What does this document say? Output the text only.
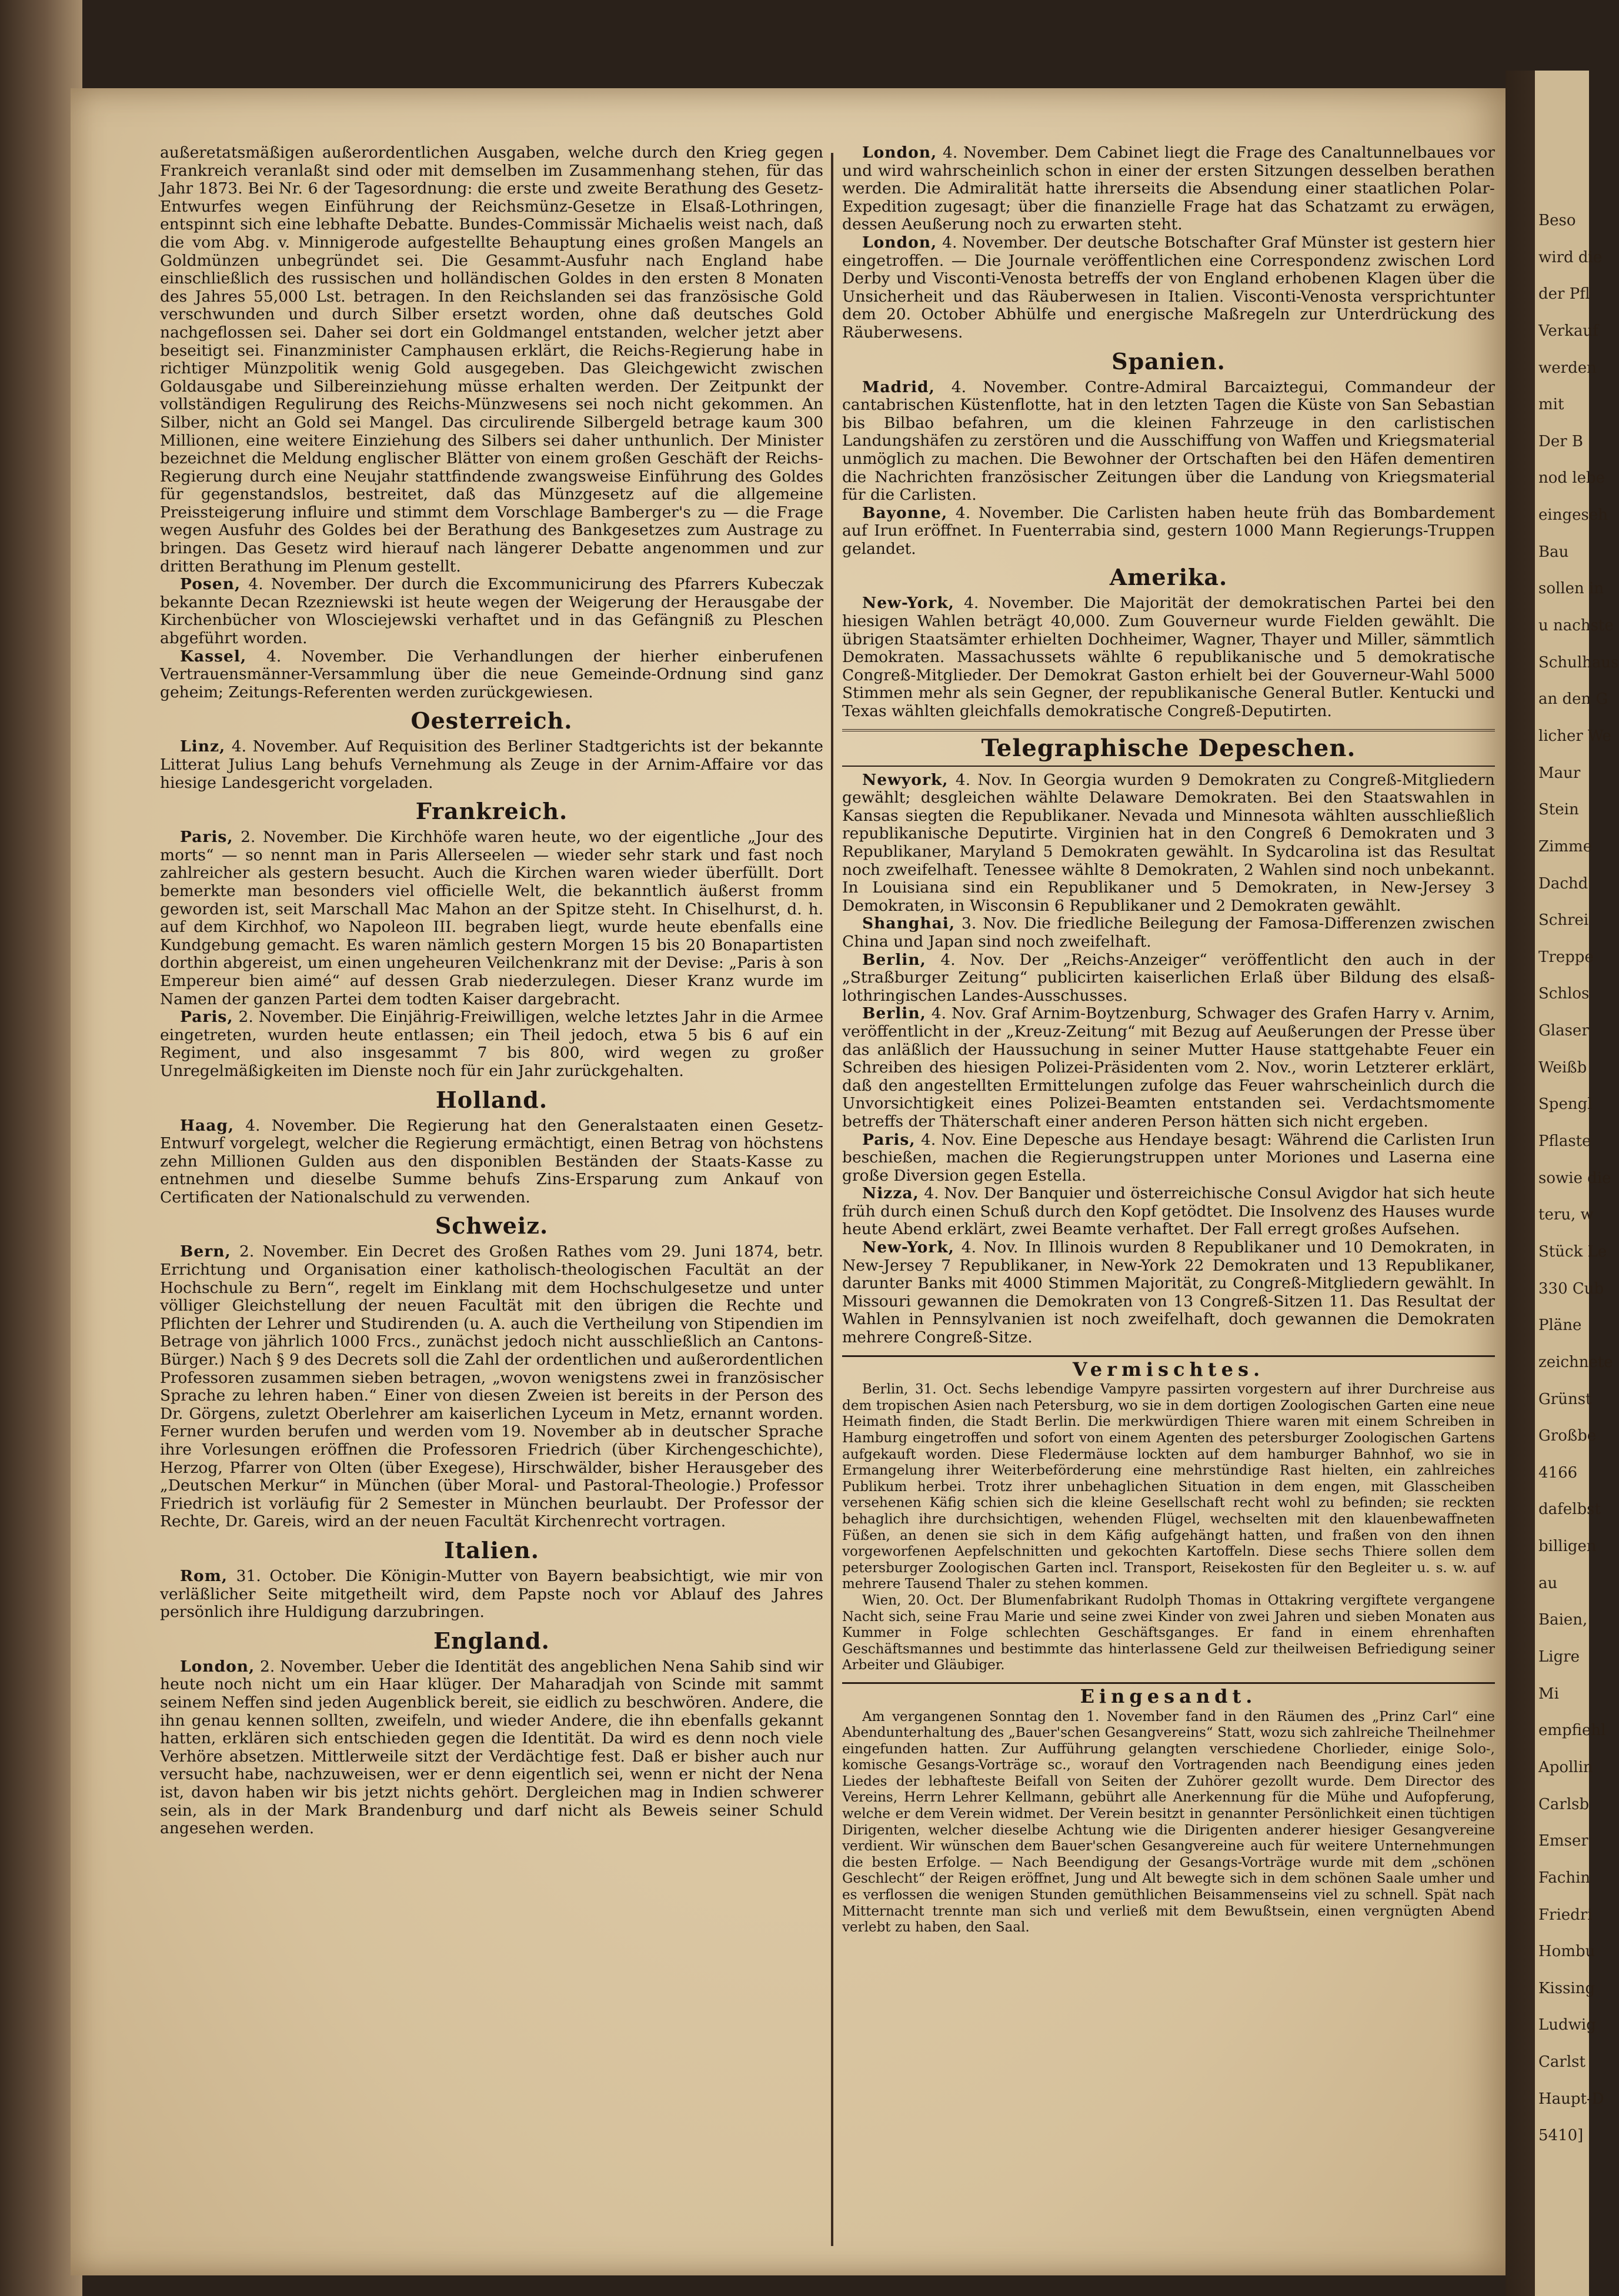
Beso
wird die
der Pfl
Verkauf
werden
mit
Der B
nod lebe
eingeseh
Bau
sollen in
u nachste
Schulhaus
an den G
licher We
Maur
Stein
Zimme
Dachd
Schrei
Treppe
Schlos
Glaser
Weißb
Spengl
Pflaste
sowie die
teru, w
Stück Le
330 Cub
Pläne
zeichnete
Grünst
Großbe
4166
dafelbst
billigen
au
Baien,
Ligre
Mi
empfiehl
Apollin
Carlsb
Emser
Fachin
Friedri
Hombu
Kissing
Ludwig
Carlst
Haupt-D
5410]

außeretatsmäßigen außerordentlichen Ausgaben, welche durch den Krieg gegen Frankreich veranlaßt sind oder mit demselben im Zusammenhang stehen, für das Jahr 1873. Bei Nr. 6 der Tagesordnung: die erste und zweite Berathung des Gesetz-Entwurfes wegen Einführung der Reichsmünz-Gesetze in Elsaß-Lothringen, entspinnt sich eine lebhafte Debatte. Bundes-Commissär Michaelis weist nach, daß die vom Abg. v. Minnigerode aufgestellte Behauptung eines großen Mangels an Goldmünzen unbegründet sei. Die Gesammt-Ausfuhr nach England habe einschließlich des russischen und holländischen Goldes in den ersten 8 Monaten des Jahres 55,000 Lst. betragen. In den Reichslanden sei das französische Gold verschwunden und durch Silber ersetzt worden, ohne daß deutsches Gold nachgeflossen sei. Daher sei dort ein Goldmangel entstanden, welcher jetzt aber beseitigt sei. Finanzminister Camphausen erklärt, die Reichs-Regierung habe in richtiger Münzpolitik wenig Gold ausgegeben. Das Gleichgewicht zwischen Goldausgabe und Silbereinziehung müsse erhalten werden. Der Zeitpunkt der vollständigen Regulirung des Reichs-Münzwesens sei noch nicht gekommen. An Silber, nicht an Gold sei Mangel. Das circulirende Silbergeld betrage kaum 300 Millionen, eine weitere Einziehung des Silbers sei daher unthunlich. Der Minister bezeichnet die Meldung englischer Blätter von einem großen Geschäft der Reichs-Regierung durch eine Neujahr stattfindende zwangsweise Einführung des Goldes für gegenstandslos, bestreitet, daß das Münzgesetz auf die allgemeine Preissteigerung influire und stimmt dem Vorschlage Bamberger's zu — die Frage wegen Ausfuhr des Goldes bei der Berathung des Bankgesetzes zum Austrage zu bringen. Das Gesetz wird hierauf nach längerer Debatte angenommen und zur dritten Berathung im Plenum gestellt.

Posen, 4. November. Der durch die Excommunicirung des Pfarrers Kubeczak bekannte Decan Rzezniewski ist heute wegen der Weigerung der Herausgabe der Kirchenbücher von Wlosciejewski verhaftet und in das Gefängniß zu Pleschen abgeführt worden.

Kassel, 4. November. Die Verhandlungen der hierher einberufenen Vertrauensmänner-Versammlung über die neue Gemeinde-Ordnung sind ganz geheim; Zeitungs-Referenten werden zurückgewiesen.

Oesterreich.

Linz, 4. November. Auf Requisition des Berliner Stadtgerichts ist der bekannte Litterat Julius Lang behufs Vernehmung als Zeuge in der Arnim-Affaire vor das hiesige Landesgericht vorgeladen.

Frankreich.

Paris, 2. November. Die Kirchhöfe waren heute, wo der eigentliche „Jour des morts“ — so nennt man in Paris Allerseelen — wieder sehr stark und fast noch zahlreicher als gestern besucht. Auch die Kirchen waren wieder überfüllt. Dort bemerkte man besonders viel officielle Welt, die bekanntlich äußerst fromm geworden ist, seit Marschall Mac Mahon an der Spitze steht. In Chiselhurst, d. h. auf dem Kirchhof, wo Napoleon III. begraben liegt, wurde heute ebenfalls eine Kundgebung gemacht. Es waren nämlich gestern Morgen 15 bis 20 Bonapartisten dorthin abgereist, um einen ungeheuren Veilchenkranz mit der Devise: „Paris à son Empereur bien aimé“ auf dessen Grab niederzulegen. Dieser Kranz wurde im Namen der ganzen Partei dem todten Kaiser dargebracht.

Paris, 2. November. Die Einjährig-Freiwilligen, welche letztes Jahr in die Armee eingetreten, wurden heute entlassen; ein Theil jedoch, etwa 5 bis 6 auf ein Regiment, und also insgesammt 7 bis 800, wird wegen zu großer Unregelmäßigkeiten im Dienste noch für ein Jahr zurückgehalten.

Holland.

Haag, 4. November. Die Regierung hat den Generalstaaten einen Gesetz-Entwurf vorgelegt, welcher die Regierung ermächtigt, einen Betrag von höchstens zehn Millionen Gulden aus den disponiblen Beständen der Staats-Kasse zu entnehmen und dieselbe Summe behufs Zins-Ersparung zum Ankauf von Certificaten der Nationalschuld zu verwenden.

Schweiz.

Bern, 2. November. Ein Decret des Großen Rathes vom 29. Juni 1874, betr. Errichtung und Organisation einer katholisch-theologischen Facultät an der Hochschule zu Bern“, regelt im Einklang mit dem Hochschulgesetze und unter völliger Gleichstellung der neuen Facultät mit den übrigen die Rechte und Pflichten der Lehrer und Studirenden (u. A. auch die Vertheilung von Stipendien im Betrage von jährlich 1000 Frcs., zunächst jedoch nicht ausschließlich an Cantons-Bürger.) Nach § 9 des Decrets soll die Zahl der ordentlichen und außerordentlichen Professoren zusammen sieben betragen, „wovon wenigstens zwei in französischer Sprache zu lehren haben.“ Einer von diesen Zweien ist bereits in der Person des Dr. Görgens, zuletzt Oberlehrer am kaiserlichen Lyceum in Metz, ernannt worden. Ferner wurden berufen und werden vom 19. November ab in deutscher Sprache ihre Vorlesungen eröffnen die Professoren Friedrich (über Kirchengeschichte), Herzog, Pfarrer von Olten (über Exegese), Hirschwälder, bisher Herausgeber des „Deutschen Merkur“ in München (über Moral- und Pastoral-Theologie.) Professor Friedrich ist vorläufig für 2 Semester in München beurlaubt. Der Professor der Rechte, Dr. Gareis, wird an der neuen Facultät Kirchenrecht vortragen.

Italien.

Rom, 31. October. Die Königin-Mutter von Bayern beabsichtigt, wie mir von verläßlicher Seite mitgetheilt wird, dem Papste noch vor Ablauf des Jahres persönlich ihre Huldigung darzubringen.

England.

London, 2. November. Ueber die Identität des angeblichen Nena Sahib sind wir heute noch nicht um ein Haar klüger. Der Maharadjah von Scinde mit sammt seinem Neffen sind jeden Augenblick bereit, sie eidlich zu beschwören. Andere, die ihn genau kennen sollten, zweifeln, und wieder Andere, die ihn ebenfalls gekannt hatten, erklären sich entschieden gegen die Identität. Da wird es denn noch viele Verhöre absetzen. Mittlerweile sitzt der Verdächtige fest. Daß er bisher auch nur versucht habe, nachzuweisen, wer er denn eigentlich sei, wenn er nicht der Nena ist, davon haben wir bis jetzt nichts gehört. Dergleichen mag in Indien schwerer sein, als in der Mark Brandenburg und darf nicht als Beweis seiner Schuld angesehen werden.

London, 4. November. Dem Cabinet liegt die Frage des Canaltunnelbaues vor und wird wahrscheinlich schon in einer der ersten Sitzungen desselben berathen werden. Die Admiralität hatte ihrerseits die Absendung einer staatlichen Polar-Expedition zugesagt; über die finanzielle Frage hat das Schatzamt zu erwägen, dessen Aeußerung noch zu erwarten steht.

London, 4. November. Der deutsche Botschafter Graf Münster ist gestern hier eingetroffen. — Die Journale veröffentlichen eine Correspondenz zwischen Lord Derby und Visconti-Venosta betreffs der von England erhobenen Klagen über die Unsicherheit und das Räuberwesen in Italien. Visconti-Venosta versprichtunter dem 20. October Abhülfe und energische Maßregeln zur Unterdrückung des Räuberwesens.

Spanien.

Madrid, 4. November. Contre-Admiral Barcaiztegui, Commandeur der cantabrischen Küstenflotte, hat in den letzten Tagen die Küste von San Sebastian bis Bilbao befahren, um die kleinen Fahrzeuge in den carlistischen Landungshäfen zu zerstören und die Ausschiffung von Waffen und Kriegsmaterial unmöglich zu machen. Die Bewohner der Ortschaften bei den Häfen dementiren die Nachrichten französischer Zeitungen über die Landung von Kriegsmaterial für die Carlisten.

Bayonne, 4. November. Die Carlisten haben heute früh das Bombardement auf Irun eröffnet. In Fuenterrabia sind, gestern 1000 Mann Regierungs-Truppen gelandet.

Amerika.

New-York, 4. November. Die Majorität der demokratischen Partei bei den hiesigen Wahlen beträgt 40,000. Zum Gouverneur wurde Fielden gewählt. Die übrigen Staatsämter erhielten Dochheimer, Wagner, Thayer und Miller, sämmtlich Demokraten. Massachussets wählte 6 republikanische und 5 demokratische Congreß-Mitglieder. Der Demokrat Gaston erhielt bei der Gouverneur-Wahl 5000 Stimmen mehr als sein Gegner, der republikanische General Butler. Kentucki und Texas wählten gleichfalls demokratische Congreß-Deputirten.

Telegraphische Depeschen.

Newyork, 4. Nov. In Georgia wurden 9 Demokraten zu Congreß-Mitgliedern gewählt; desgleichen wählte Delaware Demokraten. Bei den Staatswahlen in Kansas siegten die Republikaner. Nevada und Minnesota wählten ausschließlich republikanische Deputirte. Virginien hat in den Congreß 6 Demokraten und 3 Republikaner, Maryland 5 Demokraten gewählt. In Sydcarolina ist das Resultat noch zweifelhaft. Tenessee wählte 8 Demokraten, 2 Wahlen sind noch unbekannt. In Louisiana sind ein Republikaner und 5 Demokraten, in New-Jersey 3 Demokraten, in Wisconsin 6 Republikaner und 2 Demokraten gewählt.

Shanghai, 3. Nov. Die friedliche Beilegung der Famosa-Differenzen zwischen China und Japan sind noch zweifelhaft.

Berlin, 4. Nov. Der „Reichs-Anzeiger“ veröffentlicht den auch in der „Straßburger Zeitung“ publicirten kaiserlichen Erlaß über Bildung des elsaß-lothringischen Landes-Ausschusses.

Berlin, 4. Nov. Graf Arnim-Boytzenburg, Schwager des Grafen Harry v. Arnim, veröffentlicht in der „Kreuz-Zeitung“ mit Bezug auf Aeußerungen der Presse über das anläßlich der Haussuchung in seiner Mutter Hause stattgehabte Feuer ein Schreiben des hiesigen Polizei-Präsidenten vom 2. Nov., worin Letzterer erklärt, daß den angestellten Ermittelungen zufolge das Feuer wahrscheinlich durch die Unvorsichtigkeit eines Polizei-Beamten entstanden sei. Verdachtsmomente betreffs der Thäterschaft einer anderen Person hätten sich nicht ergeben.

Paris, 4. Nov. Eine Depesche aus Hendaye besagt: Während die Carlisten Irun beschießen, machen die Regierungstruppen unter Moriones und Laserna eine große Diversion gegen Estella.

Nizza, 4. Nov. Der Banquier und österreichische Consul Avigdor hat sich heute früh durch einen Schuß durch den Kopf getödtet. Die Insolvenz des Hauses wurde heute Abend erklärt, zwei Beamte verhaftet. Der Fall erregt großes Aufsehen.

New-York, 4. Nov. In Illinois wurden 8 Republikaner und 10 Demokraten, in New-Jersey 7 Republikaner, in New-York 22 Demokraten und 13 Republikaner, darunter Banks mit 4000 Stimmen Majorität, zu Congreß-Mitgliedern gewählt. In Missouri gewannen die Demokraten von 13 Congreß-Sitzen 11. Das Resultat der Wahlen in Pennsylvanien ist noch zweifelhaft, doch gewannen die Demokraten mehrere Congreß-Sitze.

Vermischtes.

Berlin, 31. Oct. Sechs lebendige Vampyre passirten vorgestern auf ihrer Durchreise aus dem tropischen Asien nach Petersburg, wo sie in dem dortigen Zoologischen Garten eine neue Heimath finden, die Stadt Berlin. Die merkwürdigen Thiere waren mit einem Schreiben in Hamburg eingetroffen und sofort von einem Agenten des petersburger Zoologischen Gartens aufgekauft worden. Diese Fledermäuse lockten auf dem hamburger Bahnhof, wo sie in Ermangelung ihrer Weiterbeförderung eine mehrstündige Rast hielten, ein zahlreiches Publikum herbei. Trotz ihrer unbehaglichen Situation in dem engen, mit Glasscheiben versehenen Käfig schien sich die kleine Gesellschaft recht wohl zu befinden; sie reckten behaglich ihre durchsichtigen, wehenden Flügel, wechselten mit den klauenbewaffneten Füßen, an denen sie sich in dem Käfig aufgehängt hatten, und fraßen von den ihnen vorgeworfenen Aepfelschnitten und gekochten Kartoffeln. Diese sechs Thiere sollen dem petersburger Zoologischen Garten incl. Transport, Reisekosten für den Begleiter u. s. w. auf mehrere Tausend Thaler zu stehen kommen.

Wien, 20. Oct. Der Blumenfabrikant Rudolph Thomas in Ottakring vergiftete vergangene Nacht sich, seine Frau Marie und seine zwei Kinder von zwei Jahren und sieben Monaten aus Kummer in Folge schlechten Geschäftsganges. Er fand in einem ehrenhaften Geschäftsmannes und bestimmte das hinterlassene Geld zur theilweisen Befriedigung seiner Arbeiter und Gläubiger.

Eingesandt.

Am vergangenen Sonntag den 1. November fand in den Räumen des „Prinz Carl“ eine Abendunterhaltung des „Bauer'schen Gesangvereins“ Statt, wozu sich zahlreiche Theilnehmer eingefunden hatten. Zur Aufführung gelangten verschiedene Chorlieder, einige Solo-, komische Gesangs-Vorträge sc., worauf den Vortragenden nach Beendigung eines jeden Liedes der lebhafteste Beifall von Seiten der Zuhörer gezollt wurde. Dem Director des Vereins, Herrn Lehrer Kellmann, gebührt alle Anerkennung für die Mühe und Aufopferung, welche er dem Verein widmet. Der Verein besitzt in genannter Persönlichkeit einen tüchtigen Dirigenten, welcher dieselbe Achtung wie die Dirigenten anderer hiesiger Gesangvereine verdient. Wir wünschen dem Bauer'schen Gesangvereine auch für weitere Unternehmungen die besten Erfolge. — Nach Beendigung der Gesangs-Vorträge wurde mit dem „schönen Geschlecht“ der Reigen eröffnet, Jung und Alt bewegte sich in dem schönen Saale umher und es verflossen die wenigen Stunden gemüthlichen Beisammenseins viel zu schnell. Spät nach Mitternacht trennte man sich und verließ mit dem Bewußtsein, einen vergnügten Abend verlebt zu haben, den Saal.
